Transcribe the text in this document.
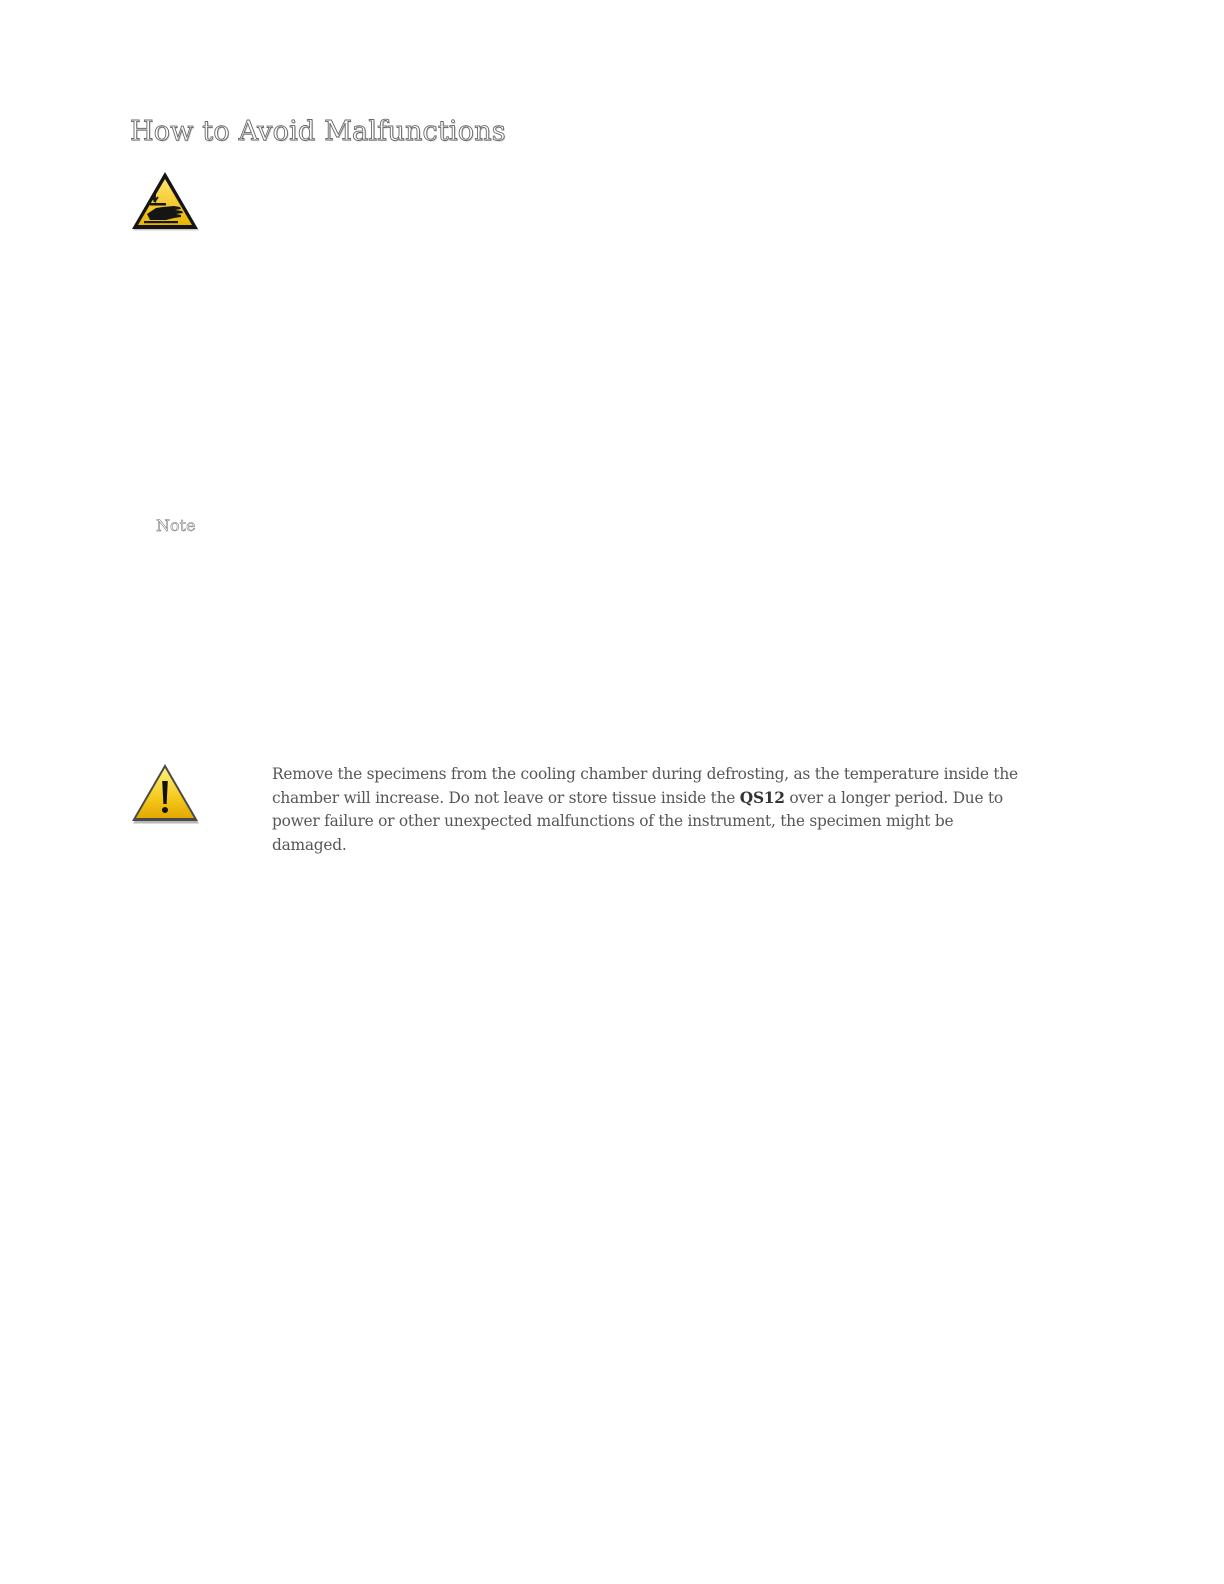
How to Avoid Malfunctions
4
Note

Remove the specimens from the cooling chamber during defrosting, as the temperature inside the
chamber will increase. Do not leave or store tissue inside the QS12 over a longer period. Due to
power failure or other unexpected malfunctions of the instrument, the specimen might be
damaged.
